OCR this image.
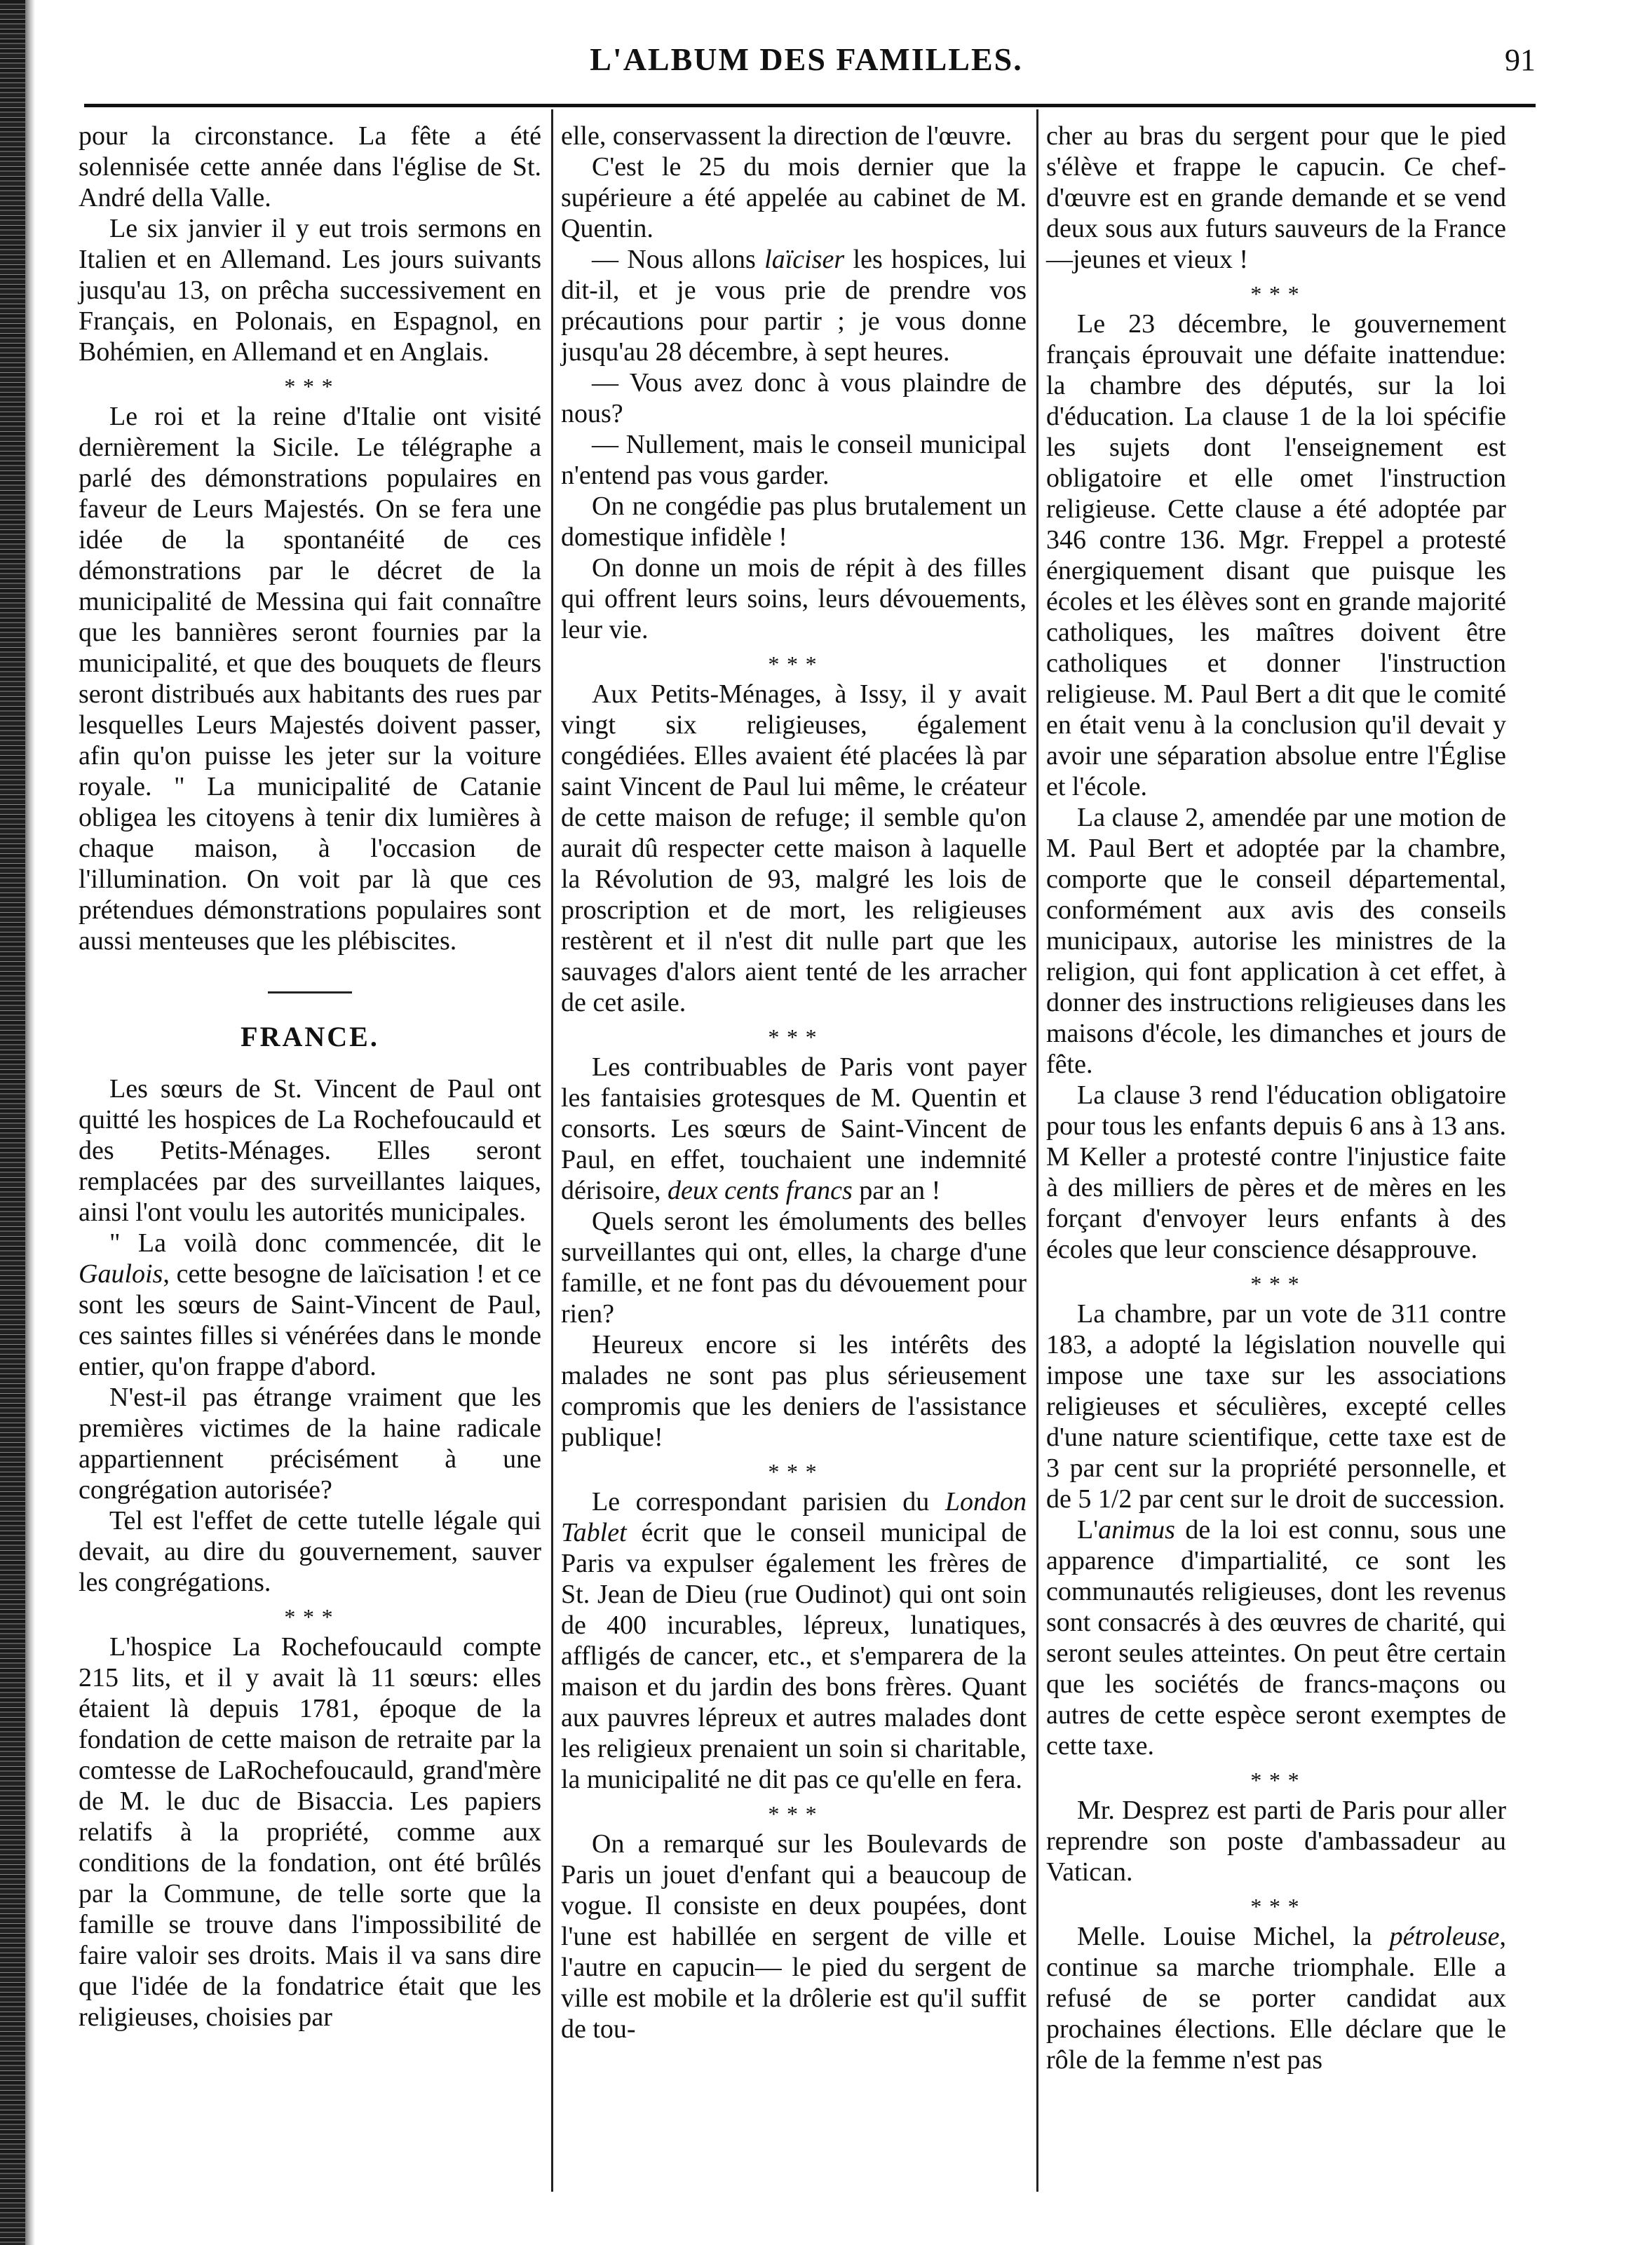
L'ALBUM DES FAMILLES.	91

pour la circonstance. La fête a été solennisée cette année dans l'église de St. André della Valle.

Le six janvier il y eut trois sermons en Italien et en Allemand. Les jours suivants jusqu'au 13, on prêcha successivement en Français, en Polonais, en Espagnol, en Bohémien, en Allemand et en Anglais.

* * *

Le roi et la reine d'Italie ont visité dernièrement la Sicile. Le télégraphe a parlé des démonstrations populaires en faveur de Leurs Majestés. On se fera une idée de la spontanéité de ces démonstrations par le décret de la municipalité de Messina qui fait connaître que les bannières seront fournies par la municipalité, et que des bouquets de fleurs seront distribués aux habitants des rues par lesquelles Leurs Majestés doivent passer, afin qu'on puisse les jeter sur la voiture royale. " La municipalité de Catanie obligea les citoyens à tenir dix lumières à chaque maison, à l'occasion de l'illumination. On voit par là que ces prétendues démonstrations populaires sont aussi menteuses que les plébiscites.

FRANCE.

Les sœurs de St. Vincent de Paul ont quitté les hospices de La Rochefoucauld et des Petits-Ménages. Elles seront remplacées par des surveillantes laiques, ainsi l'ont voulu les autorités municipales.

" La voilà donc commencée, dit le Gaulois, cette besogne de laïcisation ! et ce sont les sœurs de Saint-Vincent de Paul, ces saintes filles si vénérées dans le monde entier, qu'on frappe d'abord.

N'est-il pas étrange vraiment que les premières victimes de la haine radicale appartiennent précisément à une congrégation autorisée?

Tel est l'effet de cette tutelle légale qui devait, au dire du gouvernement, sauver les congrégations.

* * *

L'hospice La Rochefoucauld compte 215 lits, et il y avait là 11 sœurs: elles étaient là depuis 1781, époque de la fondation de cette maison de retraite par la comtesse de LaRochefoucauld, grand'mère de M. le duc de Bisaccia. Les papiers relatifs à la propriété, comme aux conditions de la fondation, ont été brûlés par la Commune, de telle sorte que la famille se trouve dans l'impossibilité de faire valoir ses droits. Mais il va sans dire que l'idée de la fondatrice était que les religieuses, choisies par

elle, conservassent la direction de l'œuvre.

C'est le 25 du mois dernier que la supérieure a été appelée au cabinet de M. Quentin.

— Nous allons laïciser les hospices, lui dit-il, et je vous prie de prendre vos précautions pour partir ; je vous donne jusqu'au 28 décembre, à sept heures.

— Vous avez donc à vous plaindre de nous?

— Nullement, mais le conseil municipal n'entend pas vous garder.

On ne congédie pas plus brutalement un domestique infidèle !

On donne un mois de répit à des filles qui offrent leurs soins, leurs dévouements, leur vie.

* * *

Aux Petits-Ménages, à Issy, il y avait vingt six religieuses, également congédiées. Elles avaient été placées là par saint Vincent de Paul lui même, le créateur de cette maison de refuge; il semble qu'on aurait dû respecter cette maison à laquelle la Révolution de 93, malgré les lois de proscription et de mort, les religieuses restèrent et il n'est dit nulle part que les sauvages d'alors aient tenté de les arracher de cet asile.

* * *

Les contribuables de Paris vont payer les fantaisies grotesques de M. Quentin et consorts. Les sœurs de Saint-Vincent de Paul, en effet, touchaient une indemnité dérisoire, deux cents francs par an !

Quels seront les émoluments des belles surveillantes qui ont, elles, la charge d'une famille, et ne font pas du dévouement pour rien?

Heureux encore si les intérêts des malades ne sont pas plus sérieusement compromis que les deniers de l'assistance publique!

* * *

Le correspondant parisien du London Tablet écrit que le conseil municipal de Paris va expulser également les frères de St. Jean de Dieu (rue Oudinot) qui ont soin de 400 incurables, lépreux, lunatiques, affligés de cancer, etc., et s'emparera de la maison et du jardin des bons frères. Quant aux pauvres lépreux et autres malades dont les religieux prenaient un soin si charitable, la municipalité ne dit pas ce qu'elle en fera.

* * *

On a remarqué sur les Boulevards de Paris un jouet d'enfant qui a beaucoup de vogue. Il consiste en deux poupées, dont l'une est habillée en sergent de ville et l'autre en capucin— le pied du sergent de ville est mobile et la drôlerie est qu'il suffit de tou-

cher au bras du sergent pour que le pied s'élève et frappe le capucin. Ce chef-d'œuvre est en grande demande et se vend deux sous aux futurs sauveurs de la France—jeunes et vieux !

* * *

Le 23 décembre, le gouvernement français éprouvait une défaite inattendue: la chambre des députés, sur la loi d'éducation. La clause 1 de la loi spécifie les sujets dont l'enseignement est obligatoire et elle omet l'instruction religieuse. Cette clause a été adoptée par 346 contre 136. Mgr. Freppel a protesté énergiquement disant que puisque les écoles et les élèves sont en grande majorité catholiques, les maîtres doivent être catholiques et donner l'instruction religieuse. M. Paul Bert a dit que le comité en était venu à la conclusion qu'il devait y avoir une séparation absolue entre l'Église et l'école.

La clause 2, amendée par une motion de M. Paul Bert et adoptée par la chambre, comporte que le conseil départemental, conformément aux avis des conseils municipaux, autorise les ministres de la religion, qui font application à cet effet, à donner des instructions religieuses dans les maisons d'école, les dimanches et jours de fête.

La clause 3 rend l'éducation obligatoire pour tous les enfants depuis 6 ans à 13 ans. M Keller a protesté contre l'injustice faite à des milliers de pères et de mères en les forçant d'envoyer leurs enfants à des écoles que leur conscience désapprouve.

* * *

La chambre, par un vote de 311 contre 183, a adopté la législation nouvelle qui impose une taxe sur les associations religieuses et séculières, excepté celles d'une nature scientifique, cette taxe est de 3 par cent sur la propriété personnelle, et de 5 1/2 par cent sur le droit de succession.

L'animus de la loi est connu, sous une apparence d'impartialité, ce sont les communautés religieuses, dont les revenus sont consacrés à des œuvres de charité, qui seront seules atteintes. On peut être certain que les sociétés de francs-maçons ou autres de cette espèce seront exemptes de cette taxe.

* * *

Mr. Desprez est parti de Paris pour aller reprendre son poste d'ambassadeur au Vatican.

* * *

Melle. Louise Michel, la pétroleuse, continue sa marche triomphale. Elle a refusé de se porter candidat aux prochaines élections. Elle déclare que le rôle de la femme n'est pas
